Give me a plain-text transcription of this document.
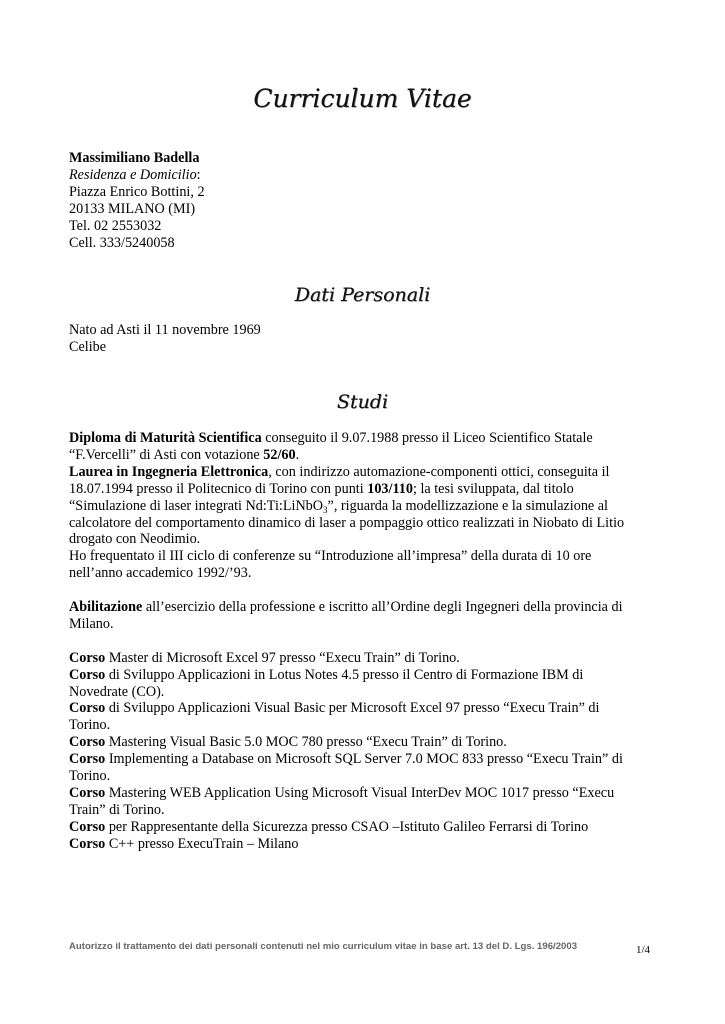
Curriculum Vitae
Massimiliano Badella
Residenza e Domicilio:
Piazza Enrico Bottini, 2
20133 MILANO (MI)
Tel. 02 2553032
Cell. 333/5240058
Dati Personali
Nato ad Asti il 11 novembre 1969
Celibe
Studi
Diploma di Maturità Scientifica conseguito il 9.07.1988 presso il Liceo Scientifico Statale
“F.Vercelli” di Asti con votazione 52/60.
Laurea in Ingegneria Elettronica, con indirizzo automazione-componenti ottici, conseguita il
18.07.1994 presso il Politecnico di Torino con punti 103/110; la tesi sviluppata, dal titolo
“Simulazione di laser integrati Nd:Ti:LiNbO$_3$”, riguarda la modellizzazione e la simulazione al
calcolatore del comportamento dinamico di laser a pompaggio ottico realizzati in Niobato di Litio
drogato con Neodimio.
Ho frequentato il III ciclo di conferenze su “Introduzione all’impresa” della durata di 10 ore
nell’anno accademico 1992/’93.
Abilitazione all’esercizio della professione e iscritto all’Ordine degli Ingegneri della provincia di
Milano.
Corso Master di Microsoft Excel 97 presso “Execu Train” di Torino.
Corso di Sviluppo Applicazioni in Lotus Notes 4.5 presso il Centro di Formazione IBM di
Novedrate (CO).
Corso di Sviluppo Applicazioni Visual Basic per Microsoft Excel 97 presso “Execu Train” di
Torino.
Corso Mastering Visual Basic 5.0 MOC 780 presso “Execu Train” di Torino.
Corso Implementing a Database on Microsoft SQL Server 7.0 MOC 833 presso “Execu Train” di
Torino.
Corso Mastering WEB Application Using Microsoft Visual InterDev MOC 1017 presso “Execu
Train” di Torino.
Corso per Rappresentante della Sicurezza presso CSAO –Istituto Galileo Ferrarsi di Torino
Corso C++ presso ExecuTrain – Milano
Autorizzo il trattamento dei dati personali contenuti nel mio curriculum vitae in base art. 13 del D. Lgs. 196/2003	1/4
